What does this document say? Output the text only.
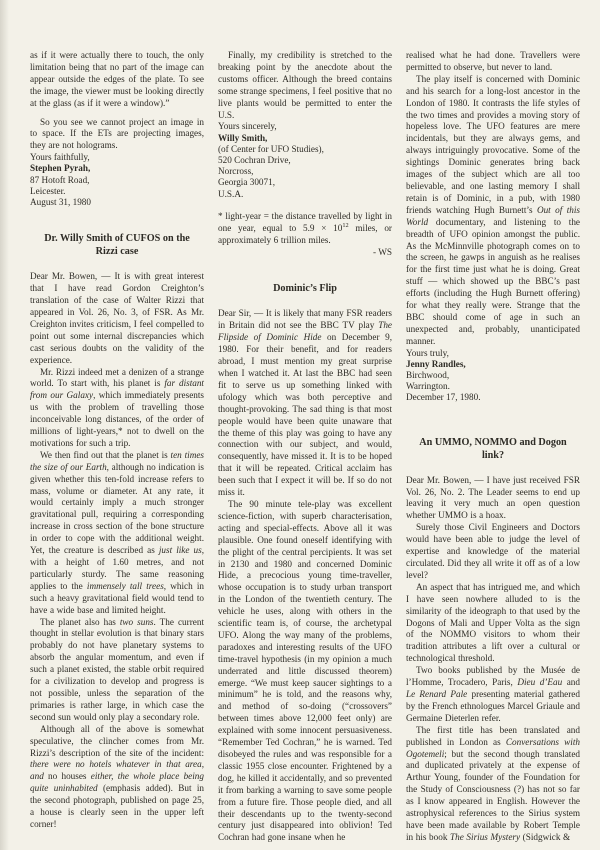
as if it were actually there to touch, the only limitation being that no part of the image can appear outside the edges of the plate. To see the image, the viewer must be looking directly at the glass (as if it were a window).”

So you see we cannot project an image in to space. If the ETs are projecting images, they are not holograms.

Yours faithfully,
Stephen Pyrah,
87 Hotoft Road,
Leicester.
August 31, 1980
Dr. Willy Smith of CUFOS on the Rizzi case

Dear Mr. Bowen, — It is with great interest that I have read Gordon Creighton’s translation of the case of Walter Rizzi that appeared in Vol. 26, No. 3, of FSR. As Mr. Creighton invites criticism, I feel compelled to point out some internal discrepancies which cast serious doubts on the validity of the experience.

Mr. Rizzi indeed met a denizen of a strange world. To start with, his planet is far distant from our Galaxy, which immediately presents us with the problem of travelling those inconceivable long distances, of the order of millions of light-years,* not to dwell on the motivations for such a trip.

We then find out that the planet is ten times the size of our Earth, although no indication is given whether this ten-fold increase refers to mass, volume or diameter. At any rate, it would certainly imply a much stronger gravitational pull, requiring a corresponding increase in cross section of the bone structure in order to cope with the additional weight. Yet, the creature is described as just like us, with a height of 1.60 metres, and not particularly sturdy. The same reasoning applies to the immensely tall trees, which in such a heavy gravitational field would tend to have a wide base and limited height.

The planet also has two suns. The current thought in stellar evolution is that binary stars probably do not have planetary systems to absorb the angular momentum, and even if such a planet existed, the stable orbit required for a civilization to develop and progress is not possible, unless the separation of the primaries is rather large, in which case the second sun would only play a secondary role.

Although all of the above is somewhat speculative, the clincher comes from Mr. Rizzi’s description of the site of the incident: there were no hotels whatever in that area, and no houses either, the whole place being quite uninhabited (emphasis added). But in the second photograph, published on page 25, a house is clearly seen in the upper left corner!

Finally, my credibility is stretched to the breaking point by the anecdote about the customs officer. Although the breed contains some strange specimens, I feel positive that no live plants would be permitted to enter the U.S.

Yours sincerely,
Willy Smith,
(of Center for UFO Studies),
520 Cochran Drive,
Norcross,
Georgia 30071,
U.S.A.

* light-year = the distance travelled by light in one year, equal to $5.9 \times 10^{12}$ miles, or approximately 6 trillion miles.

- WS

Dominic’s Flip

Dear Sir, — It is likely that many FSR readers in Britain did not see the BBC TV play The Flipside of Dominic Hide on December 9, 1980. For their benefit, and for readers abroad, I must mention my great surprise when I watched it. At last the BBC had seen fit to serve us up something linked with ufology which was both perceptive and thought-provoking. The sad thing is that most people would have been quite unaware that the theme of this play was going to have any connection with our subject, and would, consequently, have missed it. It is to be hoped that it will be repeated. Critical acclaim has been such that I expect it will be. If so do not miss it.

The 90 minute tele-play was excellent science-fiction, with superb characterisation, acting and special-effects. Above all it was plausible. One found oneself identifying with the plight of the central percipients. It was set in 2130 and 1980 and concerned Dominic Hide, a precocious young time-traveller, whose occupation is to study urban transport in the London of the twentieth century. The vehicle he uses, along with others in the scientific team is, of course, the archetypal UFO. Along the way many of the problems, paradoxes and interesting results of the UFO time-travel hypothesis (in my opinion a much underrated and little discussed theorem) emerge. “We must keep saucer sightings to a minimum” he is told, and the reasons why, and method of so-doing (“crossovers” between times above 12,000 feet only) are explained with some innocent persuasiveness. “Remember Ted Cochran,” he is warned. Ted disobeyed the rules and was responsible for a classic 1955 close encounter. Frightened by a dog, he killed it accidentally, and so prevented it from barking a warning to save some people from a future fire. Those people died, and all their descendants up to the twenty-second century just disappeared into oblivion! Ted Cochran had gone insane when he

realised what he had done. Travellers were permitted to observe, but never to land.

The play itself is concerned with Dominic and his search for a long-lost ancestor in the London of 1980. It contrasts the life styles of the two times and provides a moving story of hopeless love. The UFO features are mere incidentals, but they are always gems, and always intriguingly provocative. Some of the sightings Dominic generates bring back images of the subject which are all too believable, and one lasting memory I shall retain is of Dominic, in a pub, with 1980 friends watching Hugh Burnett’s Out of this World documentary, and listening to the breadth of UFO opinion amongst the public. As the McMinnville photograph comes on to the screen, he gawps in anguish as he realises for the first time just what he is doing. Great stuff — which showed up the BBC’s past efforts (including the Hugh Burnett offering) for what they really were. Strange that the BBC should come of age in such an unexpected and, probably, unanticipated manner.

Yours truly,
Jenny Randles,
Birchwood,
Warrington.
December 17, 1980.
An UMMO, NOMMO and Dogon link?

Dear Mr. Bowen, — I have just received FSR Vol. 26, No. 2. The Leader seems to end up leaving it very much an open question whether UMMO is a hoax.

Surely those Civil Engineers and Doctors would have been able to judge the level of expertise and knowledge of the material circulated. Did they all write it off as of a low level?

An aspect that has intrigued me, and which I have seen nowhere alluded to is the similarity of the ideograph to that used by the Dogons of Mali and Upper Volta as the sign of the NOMMO visitors to whom their tradition attributes a lift over a cultural or technological threshold.

Two books published by the Musée de l’Homme, Trocadero, Paris, Dieu d’Eau and Le Renard Pale presenting material gathered by the French ethnologues Marcel Griaule and Germaine Dieterlen refer.

The first title has been translated and published in London as Conversations with Ogotemeli; but the second though translated and duplicated privately at the expense of Arthur Young, founder of the Foundation for the Study of Consciousness (?) has not so far as I know appeared in English. However the astrophysical references to the Sirius system have been made available by Robert Temple in his book The Sirius Mystery (Sidgwick &
